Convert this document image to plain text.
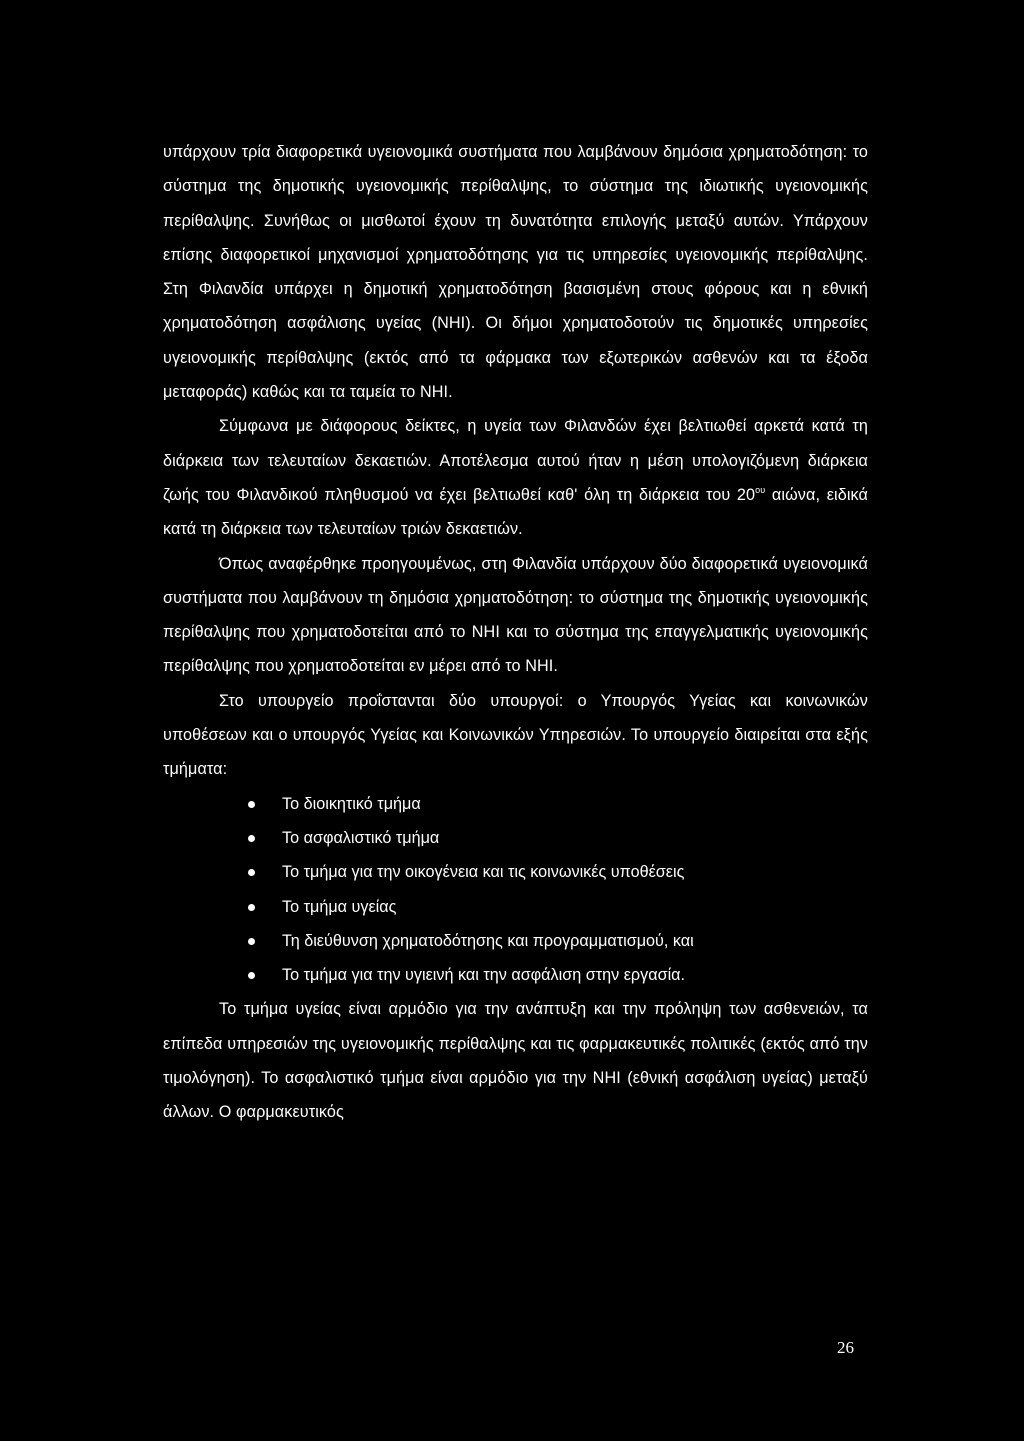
υπάρχουν τρία διαφορετικά υγειονομικά συστήματα που λαμβάνουν δημόσια χρηματοδότηση: το σύστημα της δημοτικής υγειονομικής περίθαλψης, το σύστημα της ιδιωτικής υγειονομικής περίθαλψης. Συνήθως οι μισθωτοί έχουν τη δυνατότητα επιλογής μεταξύ αυτών. Υπάρχουν επίσης διαφορετικοί μηχανισμοί χρηματοδότησης για τις υπηρεσίες υγειονομικής περίθαλψης. Στη Φιλανδία υπάρχει η δημοτική χρηματοδότηση βασισμένη στους φόρους και η εθνική χρηματοδότηση ασφάλισης υγείας (NHI). Οι δήμοι χρηματοδοτούν τις δημοτικές υπηρεσίες υγειονομικής περίθαλψης (εκτός από τα φάρμακα των εξωτερικών ασθενών και τα έξοδα μεταφοράς) καθώς και τα ταμεία το NHI.

Σύμφωνα με διάφορους δείκτες, η υγεία των Φιλανδών έχει βελτιωθεί αρκετά κατά τη διάρκεια των τελευταίων δεκαετιών. Αποτέλεσμα αυτού ήταν η μέση υπολογιζόμενη διάρκεια ζωής του Φιλανδικού πληθυσμού να έχει βελτιωθεί καθ' όλη τη διάρκεια του $20^{o\upsilon}$ αιώνα, ειδικά κατά τη διάρκεια των τελευταίων τριών δεκαετιών.

Όπως αναφέρθηκε προηγουμένως, στη Φιλανδία υπάρχουν δύο διαφορετικά υγειονομικά συστήματα που λαμβάνουν τη δημόσια χρηματοδότηση: το σύστημα της δημοτικής υγειονομικής περίθαλψης που χρηματοδοτείται από το NHI και το σύστημα της επαγγελματικής υγειονομικής περίθαλψης που χρηματοδοτείται εν μέρει από το NHI.

Στο υπουργείο προΐστανται δύο υπουργοί: ο Υπουργός Υγείας και κοινωνικών υποθέσεων και ο υπουργός Υγείας και Κοινωνικών Υπηρεσιών. Το υπουργείο διαιρείται στα εξής τμήματα:

Το διοικητικό τμήμα
Το ασφαλιστικό τμήμα
Το τμήμα για την οικογένεια και τις κοινωνικές υποθέσεις
Το τμήμα υγείας
Τη διεύθυνση χρηματοδότησης και προγραμματισμού, και
Το τμήμα για την υγιεινή και την ασφάλιση στην εργασία.

Το τμήμα υγείας είναι αρμόδιο για την ανάπτυξη και την πρόληψη των ασθενειών, τα επίπεδα υπηρεσιών της υγειονομικής περίθαλψης και τις φαρμακευτικές πολιτικές (εκτός από την τιμολόγηση). Το ασφαλιστικό τμήμα είναι αρμόδιο για την NHI (εθνική ασφάλιση υγείας) μεταξύ άλλων. Ο φαρμακευτικός

26
